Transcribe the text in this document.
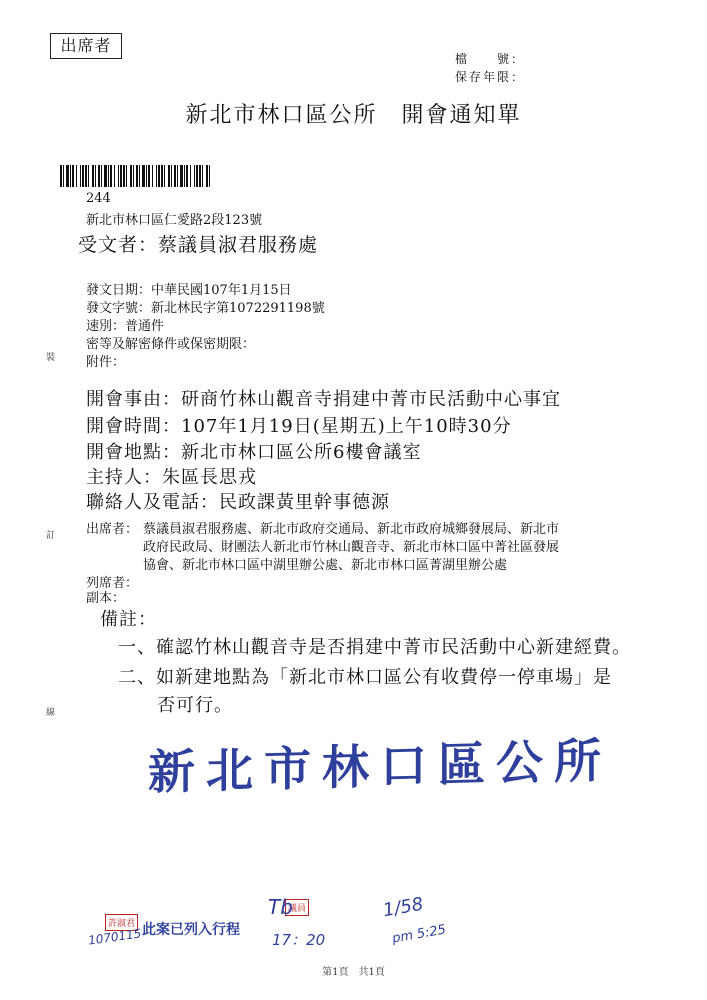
出席者
檔　　號：
保存年限：
新北市林口區公所　開會通知單
244
新北市林口區仁愛路2段123號
受文者：蔡議員淑君服務處
發文日期：中華民國107年1月15日
發文字號：新北林民字第1072291198號
速別：普通件
密等及解密條件或保密期限：
附件：
開會事由：研商竹林山觀音寺捐建中菁市民活動中心事宜
開會時間：107年1月19日(星期五)上午10時30分
開會地點：新北市林口區公所6樓會議室
主持人：朱區長思戎
聯絡人及電話：民政課黃里幹事德源
出席者： 蔡議員淑君服務處、新北市政府交通局、新北市政府城鄉發展局、新北市
政府民政局、財團法人新北市竹林山觀音寺、新北市林口區中菁社區發展
協會、新北市林口區中湖里辦公處、新北市林口區菁湖里辦公處
列席者：
副本：
備註：
一、確認竹林山觀音寺是否捐建中菁市民活動中心新建經費。
二、如新建地點為「新北市林口區公有收費停一停車場」是
否可行。
新北市林口區公所
裝
訂
線
許淑君
1070115 此案已列入行程
議員
Tb
17：20
1/58
pm 5:25
第1頁　共1頁
